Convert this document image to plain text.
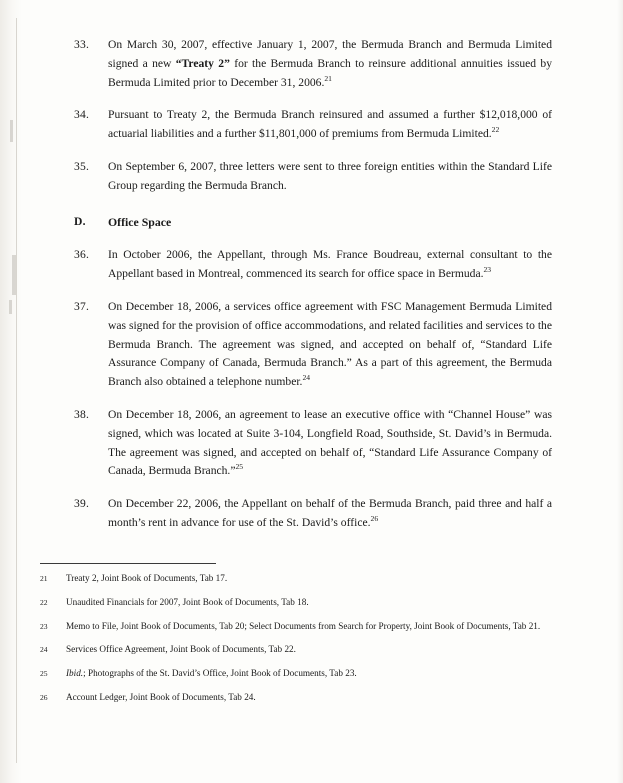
33.	On March 30, 2007, effective January 1, 2007, the Bermuda Branch and Bermuda Limited signed a new “Treaty 2” for the Bermuda Branch to reinsure additional annuities issued by Bermuda Limited prior to December 31, 2006.21
34.	Pursuant to Treaty 2, the Bermuda Branch reinsured and assumed a further $12,018,000 of actuarial liabilities and a further $11,801,000 of premiums from Bermuda Limited.$^{22}$
35.	On September 6, 2007, three letters were sent to three foreign entities within the Standard Life Group regarding the Bermuda Branch.
D.	Office Space
36.	In October 2006, the Appellant, through Ms. France Boudreau, external consultant to the Appellant based in Montreal, commenced its search for office space in Bermuda.$^{23}$
37.	On December 18, 2006, a services office agreement with FSC Management Bermuda Limited was signed for the provision of office accommodations, and related facilities and services to the Bermuda Branch. The agreement was signed, and accepted on behalf of, “Standard Life Assurance Company of Canada, Bermuda Branch.” As a part of this agreement, the Bermuda Branch also obtained a telephone number.$^{24}$
38.	On December 18, 2006, an agreement to lease an executive office with “Channel House” was signed, which was located at Suite 3-104, Longfield Road, Southside, St. David’s in Bermuda. The agreement was signed, and accepted on behalf of, “Standard Life Assurance Company of Canada, Bermuda Branch.”$^{25}$
39.	On December 22, 2006, the Appellant on behalf of the Bermuda Branch, paid three and half a month’s rent in advance for use of the St. David’s office.$^{26}$
21	Treaty 2, Joint Book of Documents, Tab 17.
22	Unaudited Financials for 2007, Joint Book of Documents, Tab 18.
23	Memo to File, Joint Book of Documents, Tab 20; Select Documents from Search for Property, Joint Book of Documents, Tab 21.
24	Services Office Agreement, Joint Book of Documents, Tab 22.
25	Ibid.; Photographs of the St. David’s Office, Joint Book of Documents, Tab 23.
26	Account Ledger, Joint Book of Documents, Tab 24.
